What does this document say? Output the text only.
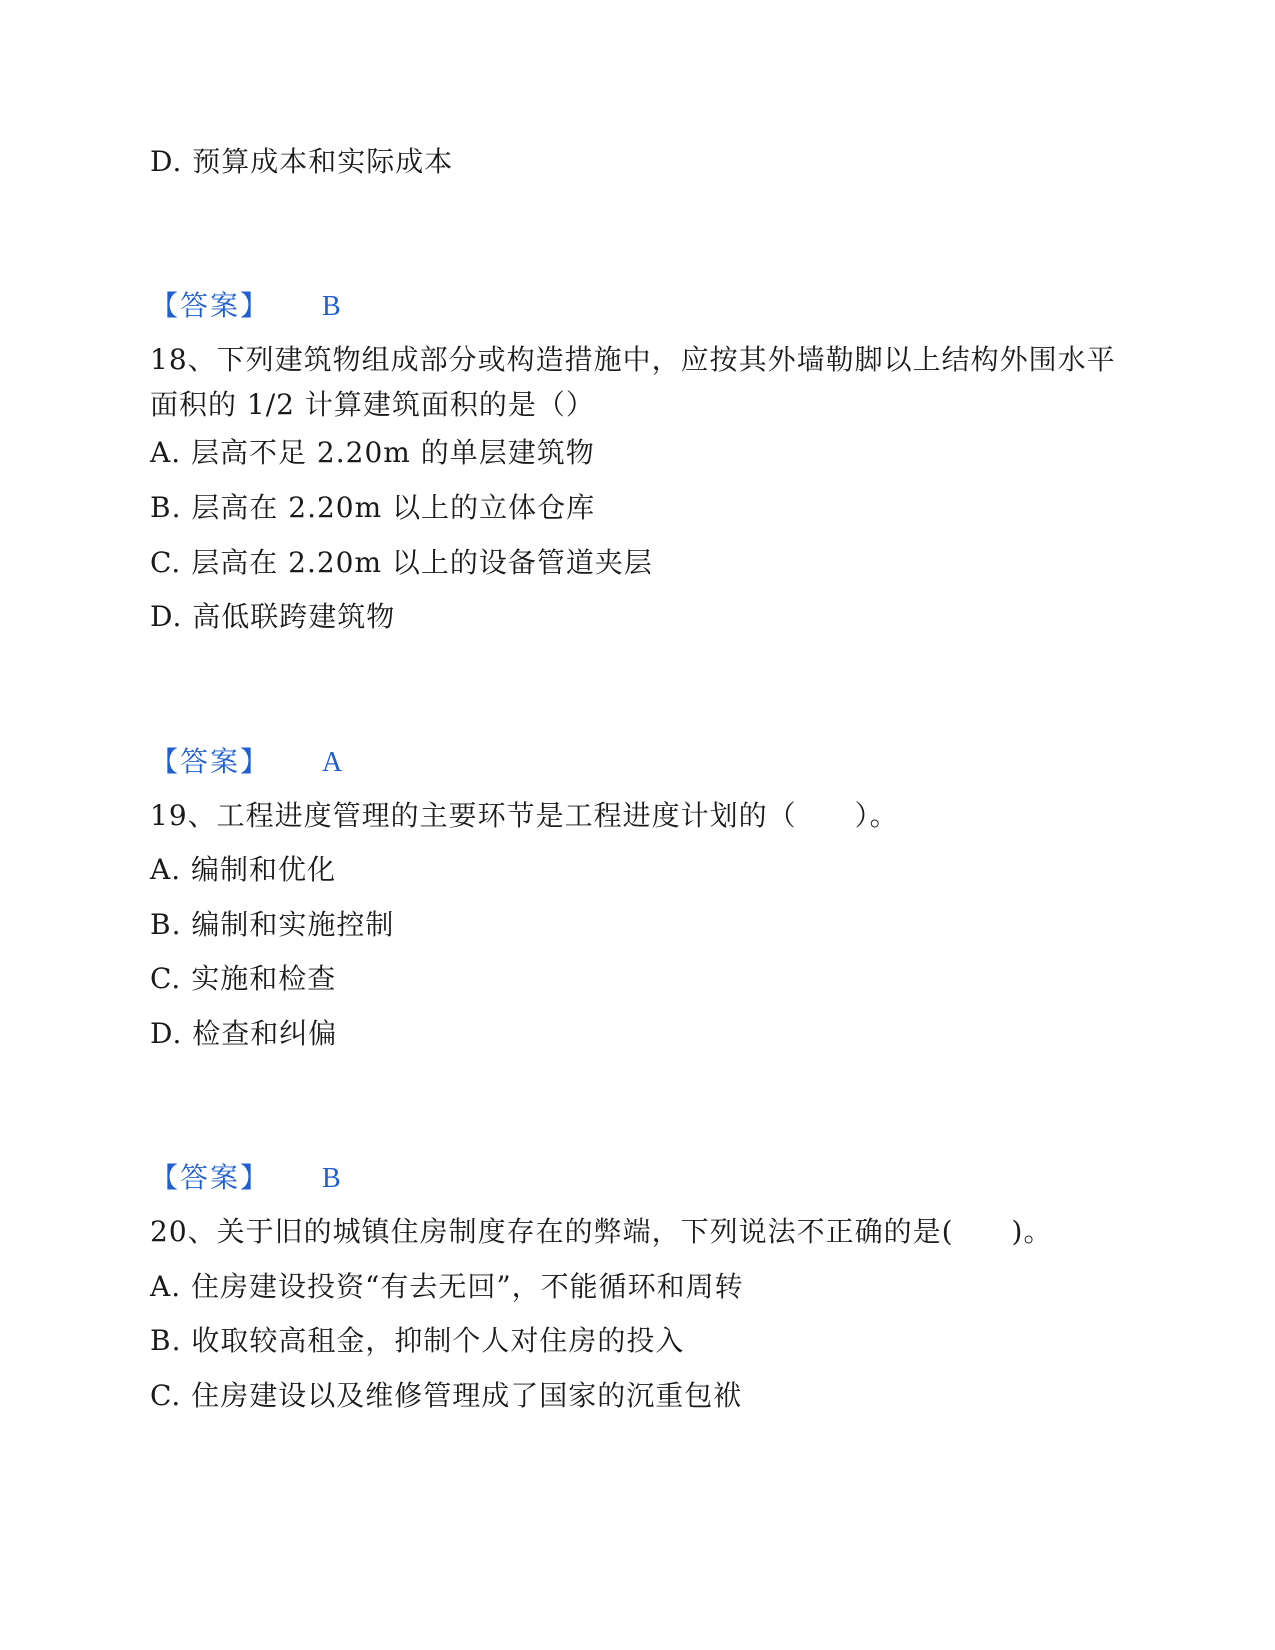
D. 预算成本和实际成本
【答案】 B
18、下列建筑物组成部分或构造措施中，应按其外墙勒脚以上结构外围水平面积的 1/2 计算建筑面积的是（）
A. 层高不足 2.20m 的单层建筑物
B. 层高在 2.20m 以上的立体仓库
C. 层高在 2.20m 以上的设备管道夹层
D. 高低联跨建筑物
【答案】 A
19、工程进度管理的主要环节是工程进度计划的（　　）。
A. 编制和优化
B. 编制和实施控制
C. 实施和检查
D. 检查和纠偏
【答案】 B
20、关于旧的城镇住房制度存在的弊端，下列说法不正确的是(　　)。
A. 住房建设投资“有去无回”，不能循环和周转
B. 收取较高租金，抑制个人对住房的投入
C. 住房建设以及维修管理成了国家的沉重包袱
